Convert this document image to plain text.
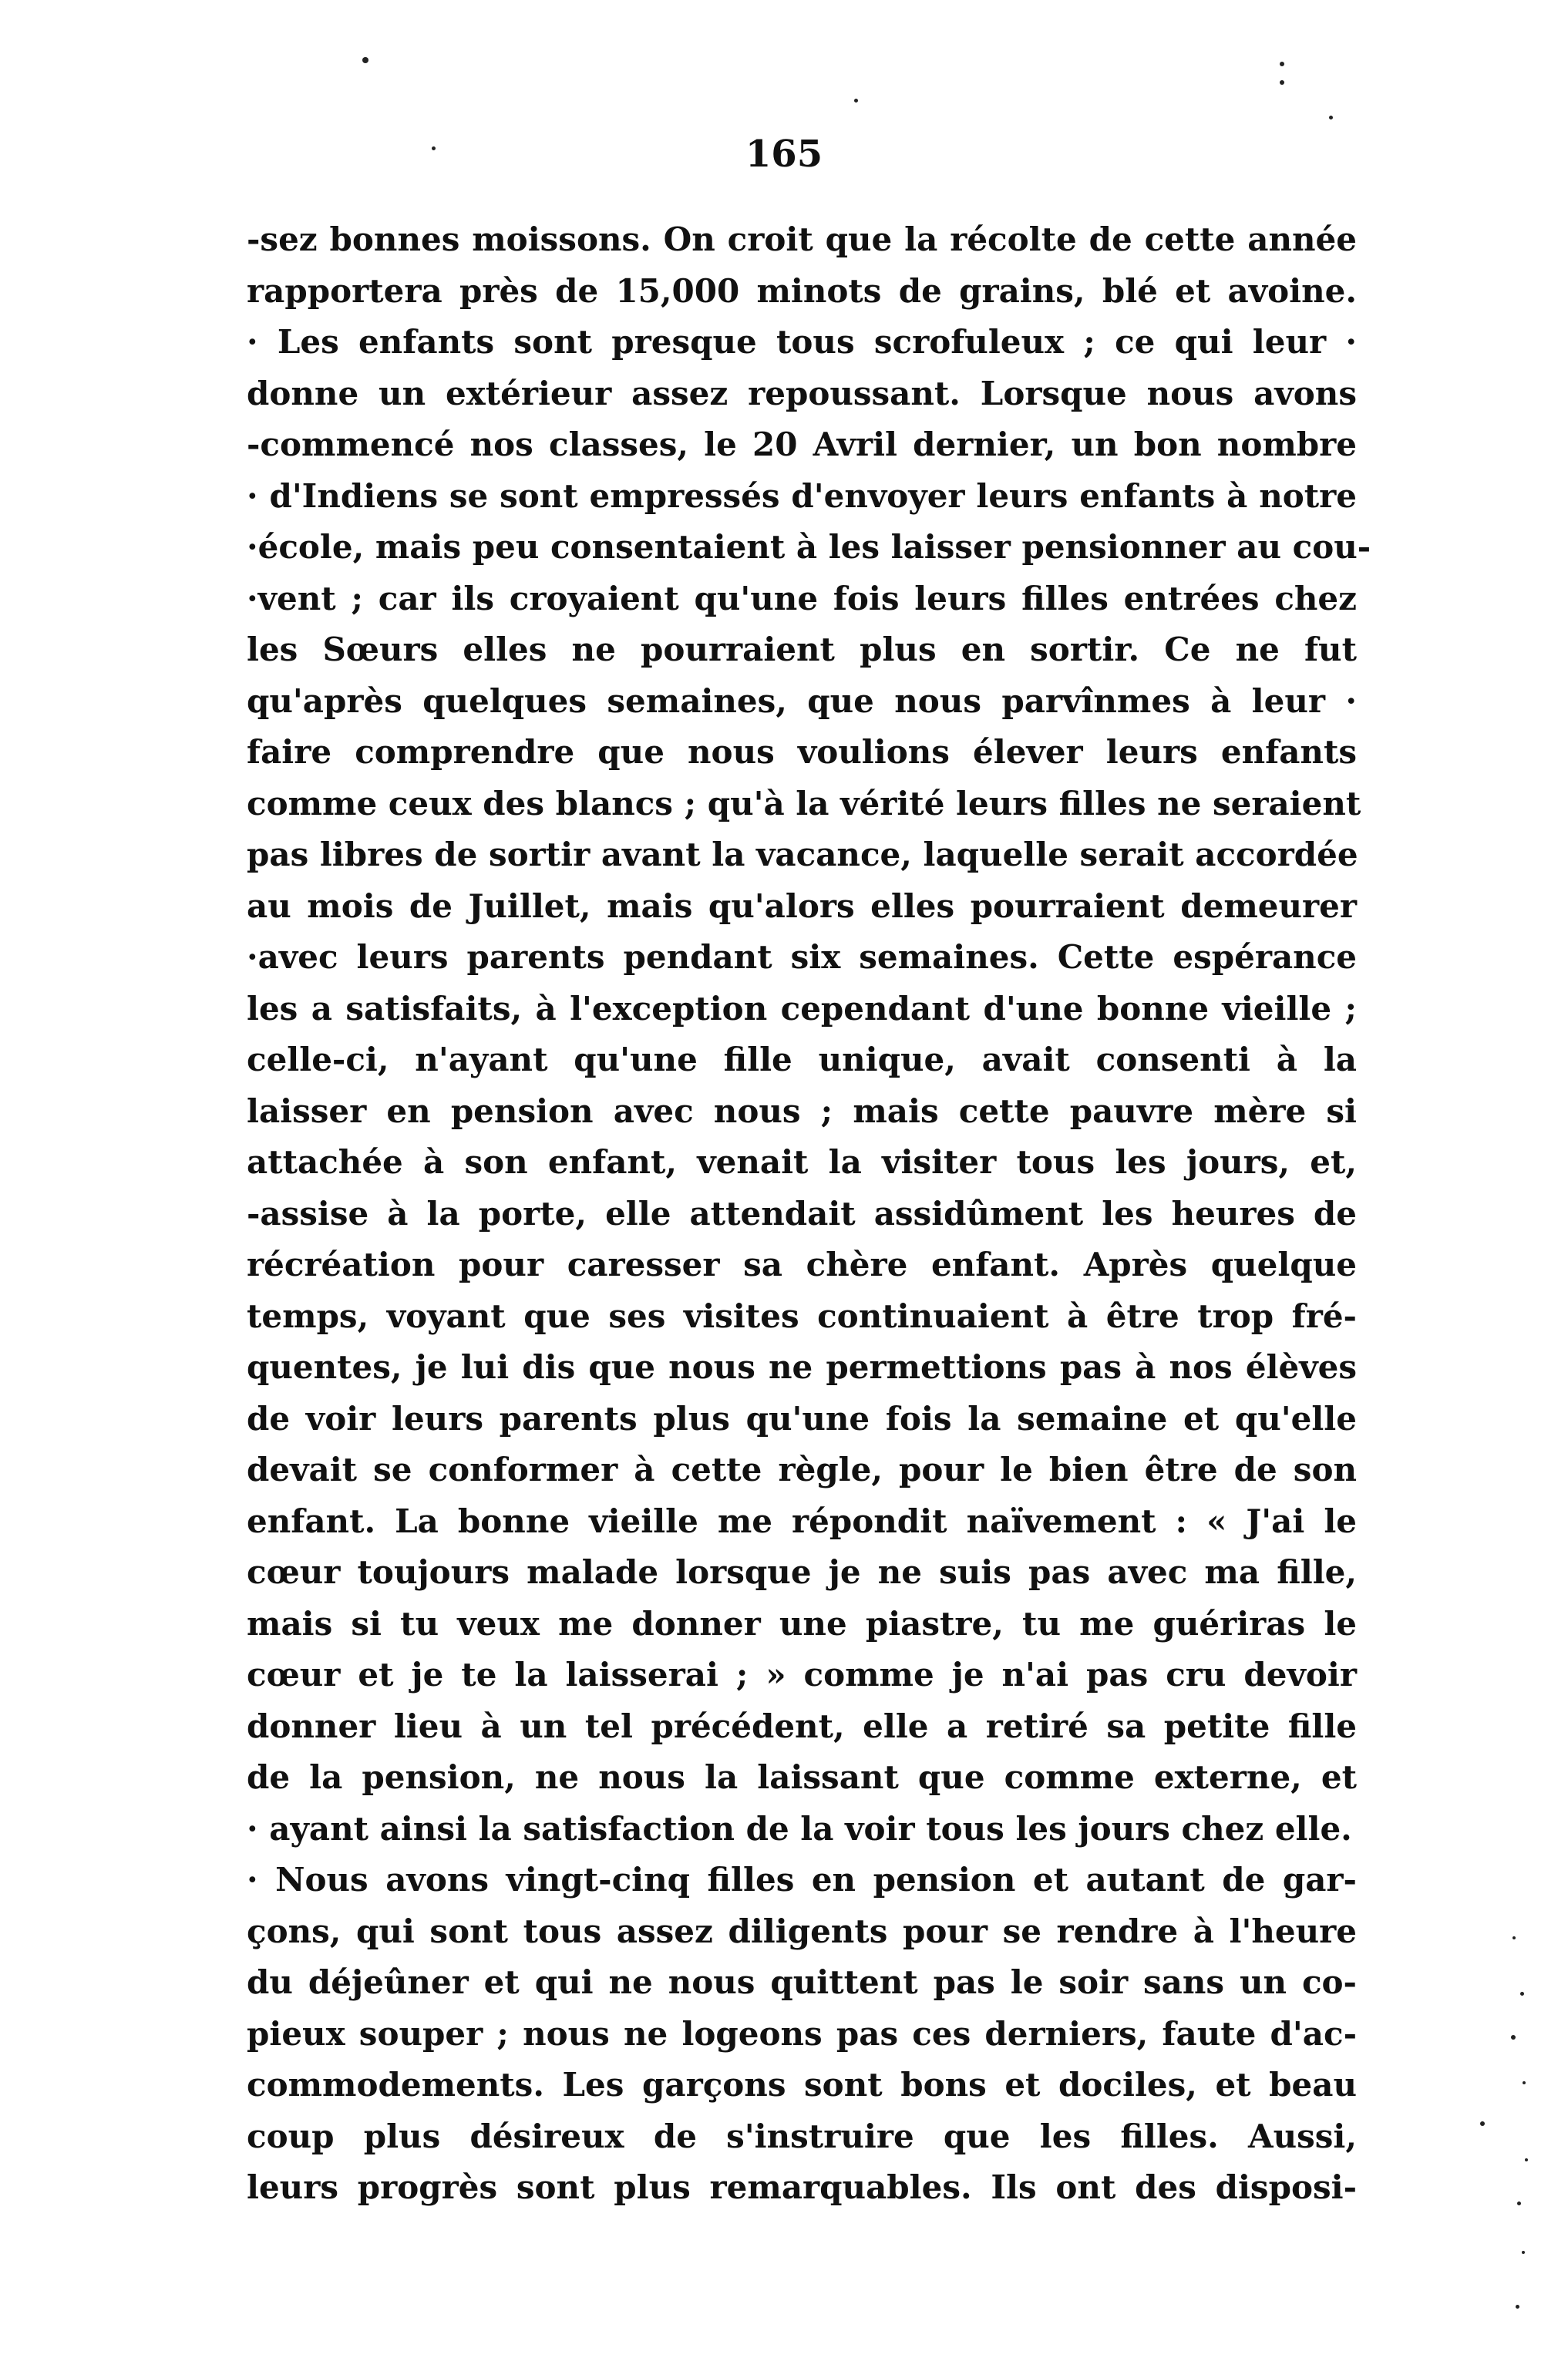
165
-sez bonnes moissons. On croit que la récolte de cette année
rapportera près de 15,000 minots de grains, blé et avoine.
· Les enfants sont presque tous scrofuleux ; ce qui leur ·
donne un extérieur assez repoussant. Lorsque nous avons
-commencé nos classes, le 20 Avril dernier, un bon nombre
· d'Indiens se sont empressés d'envoyer leurs enfants à notre
·école, mais peu consentaient à les laisser pensionner au cou-
·vent ; car ils croyaient qu'une fois leurs filles entrées chez
les Sœurs elles ne pourraient plus en sortir. Ce ne fut
qu'après quelques semaines, que nous parvînmes à leur ·
faire comprendre que nous voulions élever leurs enfants
comme ceux des blancs ; qu'à la vérité leurs filles ne seraient
pas libres de sortir avant la vacance, laquelle serait accordée
au mois de Juillet, mais qu'alors elles pourraient demeurer
·avec leurs parents pendant six semaines. Cette espérance
les a satisfaits, à l'exception cependant d'une bonne vieille ;
celle-ci, n'ayant qu'une fille unique, avait consenti à la
laisser en pension avec nous ; mais cette pauvre mère si
attachée à son enfant, venait la visiter tous les jours, et,
-assise à la porte, elle attendait assidûment les heures de
récréation pour caresser sa chère enfant. Après quelque
temps, voyant que ses visites continuaient à être trop fré-
quentes, je lui dis que nous ne permettions pas à nos élèves
de voir leurs parents plus qu'une fois la semaine et qu'elle
devait se conformer à cette règle, pour le bien être de son
enfant. La bonne vieille me répondit naïvement : « J'ai le
cœur toujours malade lorsque je ne suis pas avec ma fille,
mais si tu veux me donner une piastre, tu me guériras le
cœur et je te la laisserai ; » comme je n'ai pas cru devoir
donner lieu à un tel précédent, elle a retiré sa petite fille
de la pension, ne nous la laissant que comme externe, et
· ayant ainsi la satisfaction de la voir tous les jours chez elle.
· Nous avons vingt-cinq filles en pension et autant de gar-
çons, qui sont tous assez diligents pour se rendre à l'heure
du déjeûner et qui ne nous quittent pas le soir sans un co-
pieux souper ; nous ne logeons pas ces derniers, faute d'ac-
commodements. Les garçons sont bons et dociles, et beau
coup plus désireux de s'instruire que les filles. Aussi,
leurs progrès sont plus remarquables. Ils ont des disposi-
